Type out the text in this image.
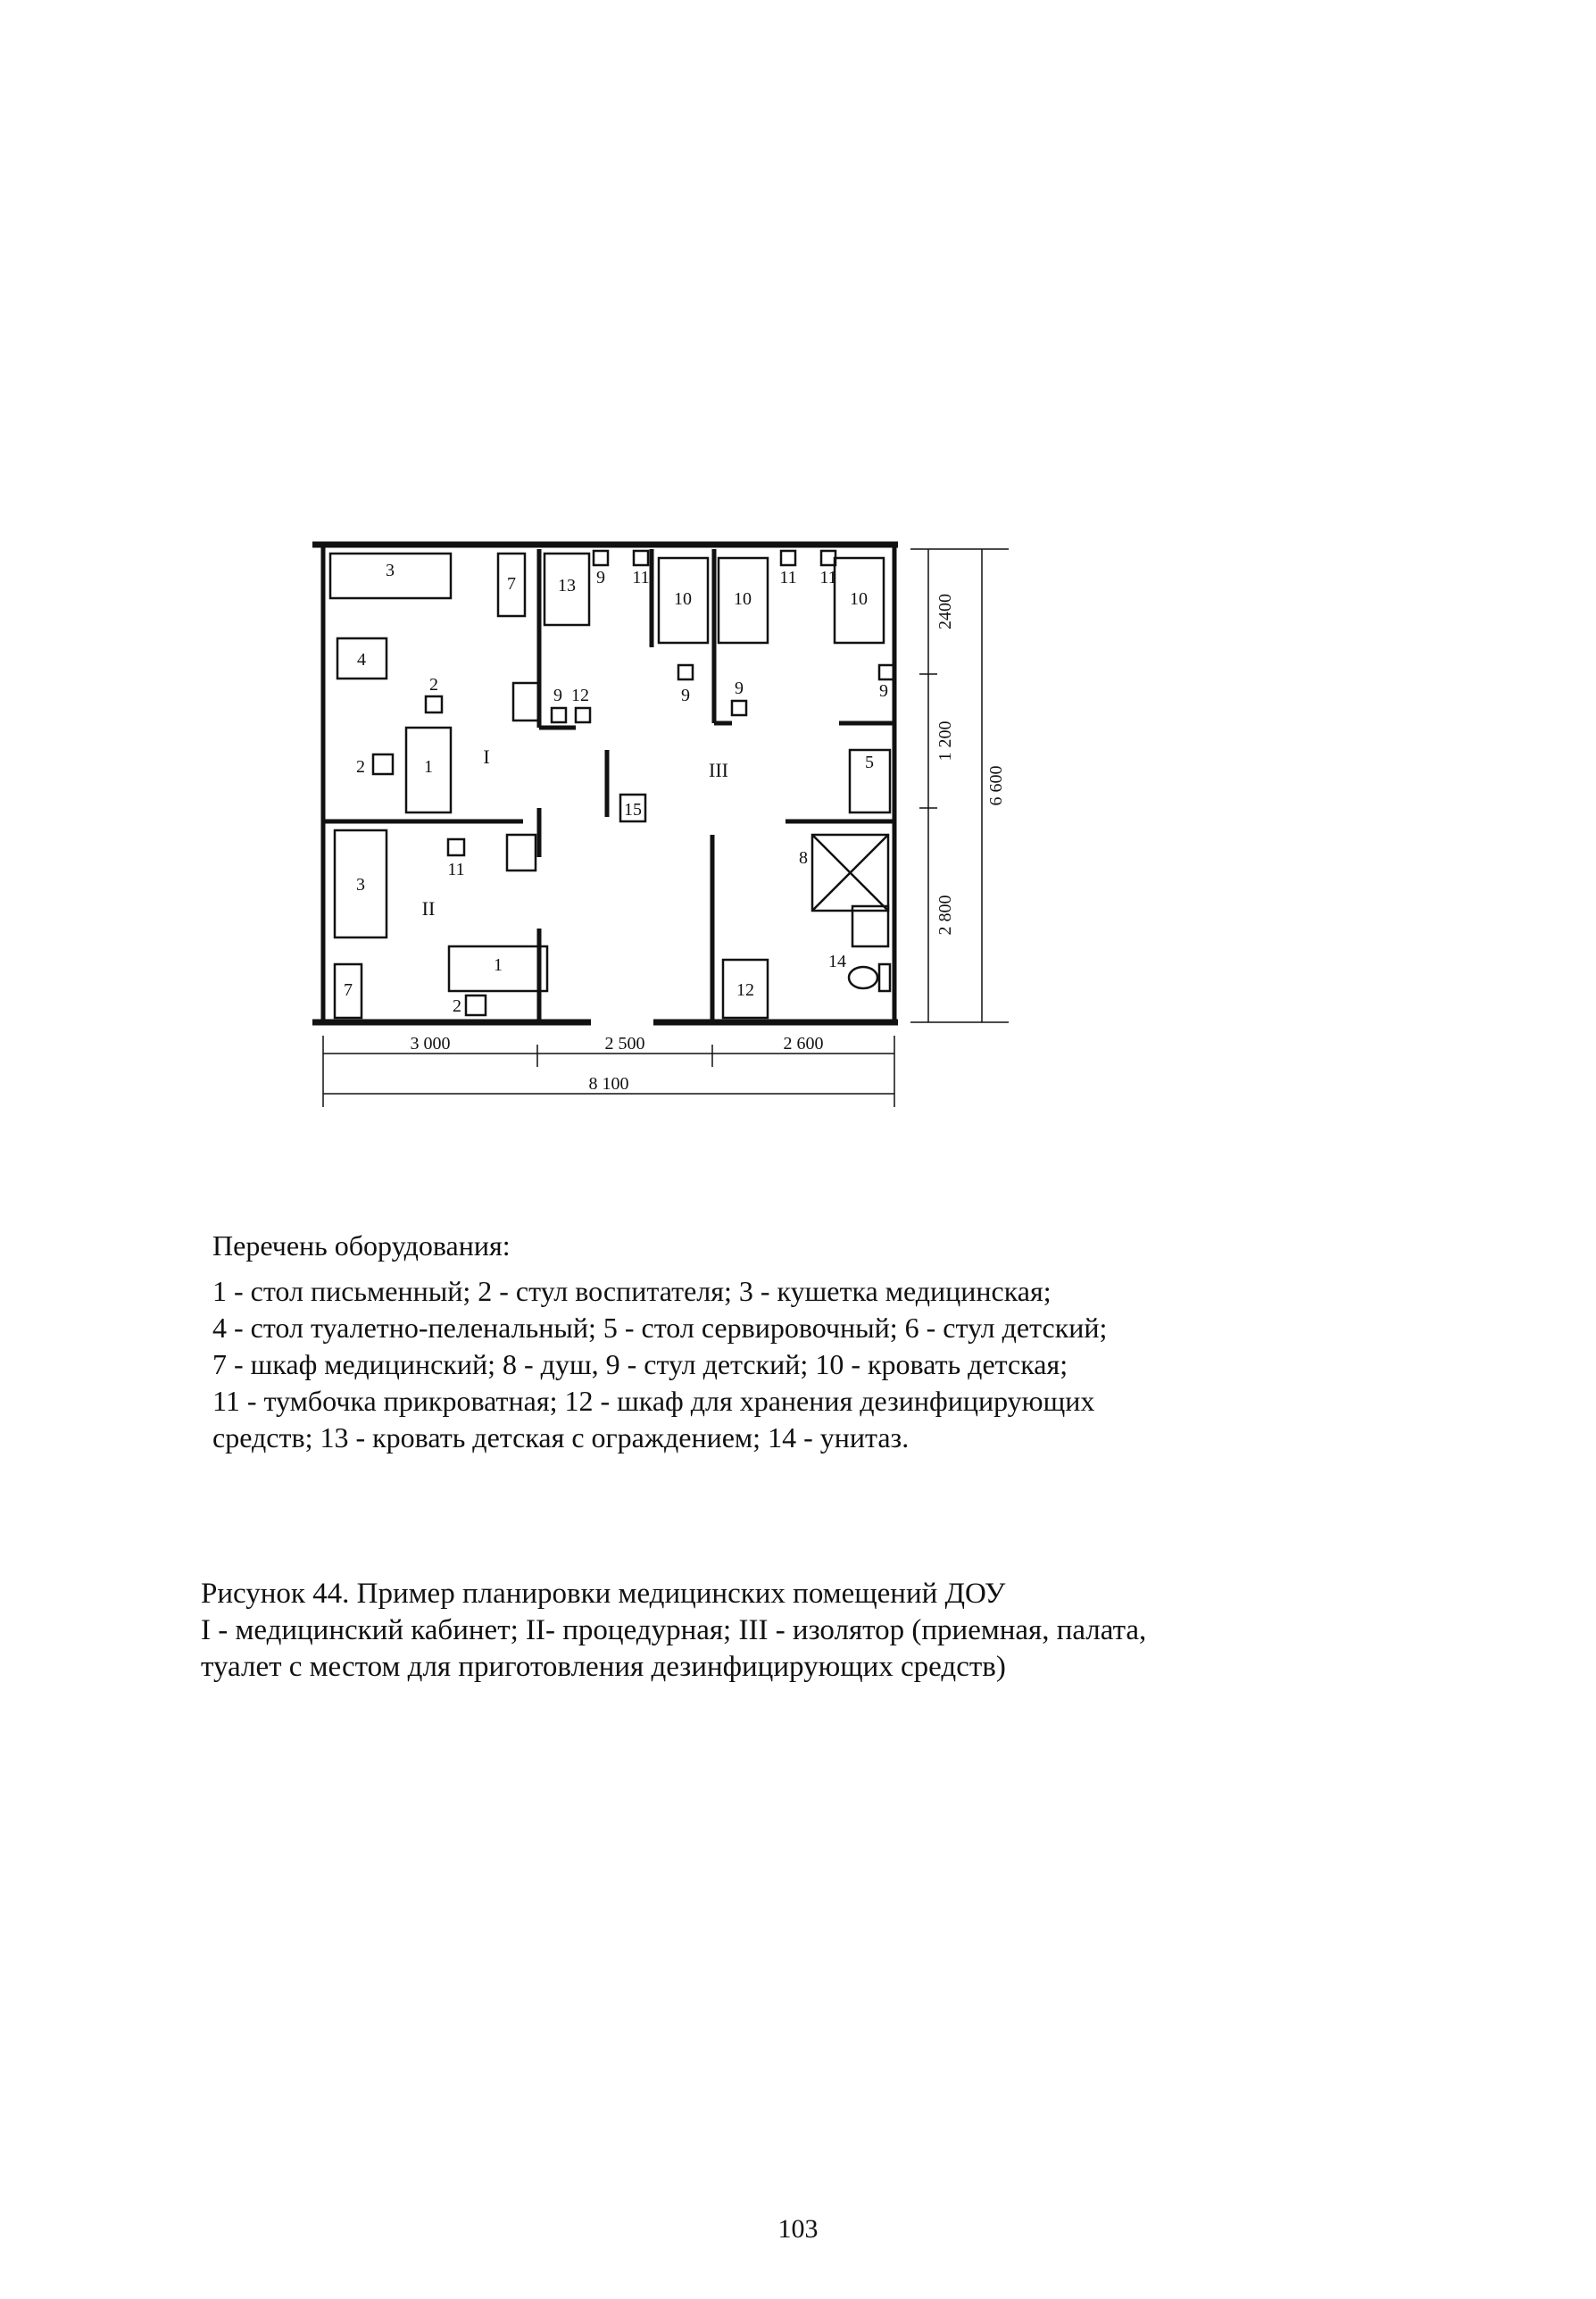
3
7 13 9 11
10 10
11 11
10
4
2
9 12	9	9	9
2	1	5
15
11
8
3
1	14
7
2
12
I
II
III
2400
1 200
2 800
6 600
3 000	2 500	2 600
8 100
Перечень оборудования:
1 - стол письменный; 2 - стул воспитателя; 3 - кушетка медицинская;
4 - стол туалетно-пеленальный; 5 - стол сервировочный; 6 - стул детский;
7 - шкаф медицинский; 8 - душ, 9 - стул детский; 10 - кровать детская;
11 - тумбочка прикроватная; 12 - шкаф для хранения дезинфицирующих
средств; 13 - кровать детская с ограждением; 14 - унитаз.
Рисунок 44. Пример планировки медицинских помещений ДОУ
I - медицинский кабинет; II- процедурная; III - изолятор (приемная, палата,
туалет с местом для приготовления дезинфицирующих средств)
103
